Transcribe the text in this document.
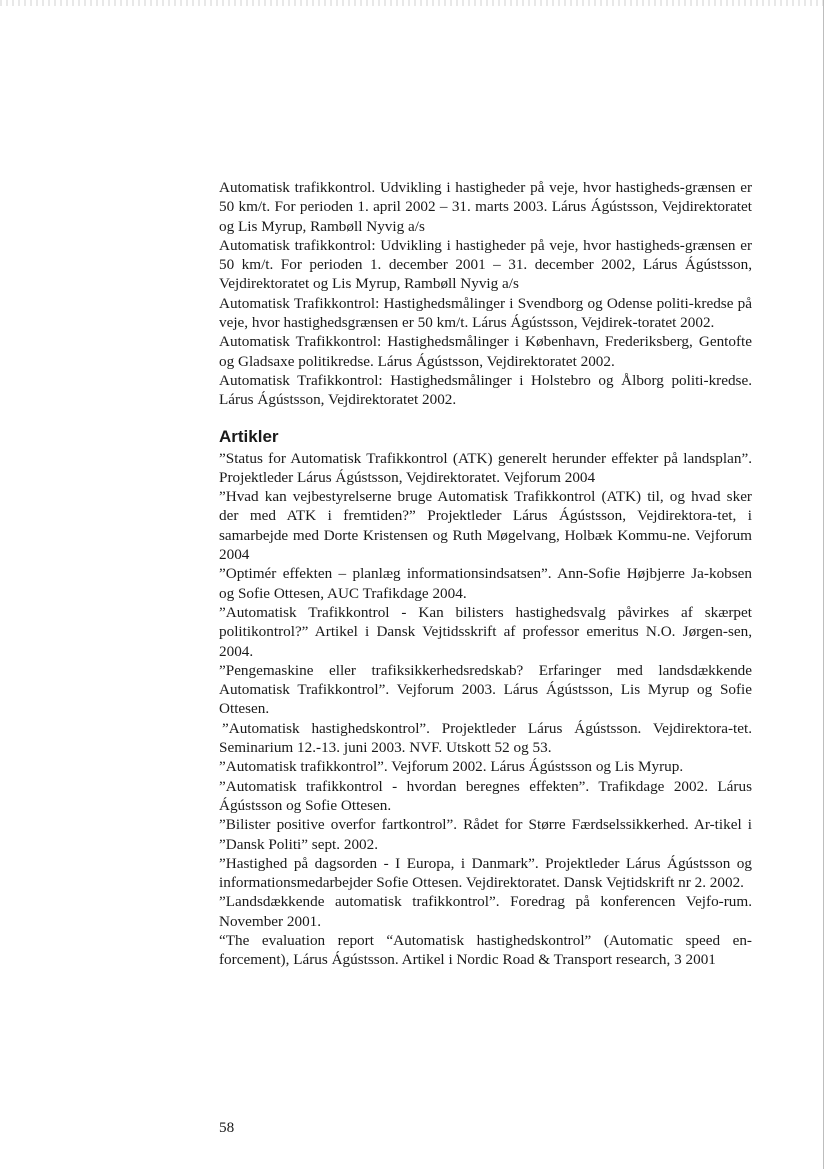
Automatisk trafikkontrol. Udvikling i hastigheder på veje, hvor hastigheds-grænsen er 50 km/t. For perioden 1. april 2002 – 31. marts 2003. Lárus Ágústsson, Vejdirektoratet og Lis Myrup, Rambøll Nyvig a/s

Automatisk trafikkontrol: Udvikling i hastigheder på veje, hvor hastigheds-grænsen er 50 km/t. For perioden 1. december 2001 – 31. december 2002, Lárus Ágústsson, Vejdirektoratet og Lis Myrup, Rambøll Nyvig a/s

Automatisk Trafikkontrol: Hastighedsmålinger i Svendborg og Odense politi-kredse på veje, hvor hastighedsgrænsen er 50 km/t. Lárus Ágústsson, Vejdirek-toratet 2002.

Automatisk Trafikkontrol: Hastighedsmålinger i København, Frederiksberg, Gentofte og Gladsaxe politikredse. Lárus Ágústsson, Vejdirektoratet 2002.

Automatisk Trafikkontrol: Hastighedsmålinger i Holstebro og Ålborg politi-kredse. Lárus Ágústsson, Vejdirektoratet 2002.

Artikler

”Status for Automatisk Trafikkontrol (ATK) generelt herunder effekter på landsplan”. Projektleder Lárus Ágústsson, Vejdirektoratet. Vejforum 2004

”Hvad kan vejbestyrelserne bruge Automatisk Trafikkontrol (ATK) til, og hvad sker der med ATK i fremtiden?” Projektleder Lárus Ágústsson, Vejdirektora-tet, i samarbejde med Dorte Kristensen og Ruth Møgelvang, Holbæk Kommu-ne. Vejforum 2004

”Optimér effekten – planlæg informationsindsatsen”. Ann-Sofie Højbjerre Ja-kobsen og Sofie Ottesen, AUC Trafikdage 2004.

”Automatisk Trafikkontrol - Kan bilisters hastighedsvalg påvirkes af skærpet politikontrol?” Artikel i Dansk Vejtidsskrift af professor emeritus N.O. Jørgen-sen, 2004.

”Pengemaskine eller trafiksikkerhedsredskab? Erfaringer med landsdækkende Automatisk Trafikkontrol”. Vejforum 2003. Lárus Ágústsson, Lis Myrup og Sofie Ottesen.

”Automatisk hastighedskontrol”. Projektleder Lárus Ágústsson. Vejdirektora-tet. Seminarium 12.-13. juni 2003. NVF. Utskott 52 og 53.

”Automatisk trafikkontrol”. Vejforum 2002. Lárus Ágústsson og Lis Myrup.

”Automatisk trafikkontrol - hvordan beregnes effekten”. Trafikdage 2002. Lárus Ágústsson og Sofie Ottesen.

”Bilister positive overfor fartkontrol”. Rådet for Større Færdselssikkerhed. Ar-tikel i ”Dansk Politi” sept. 2002.

”Hastighed på dagsorden - I Europa, i Danmark”. Projektleder Lárus Ágústsson og informationsmedarbejder Sofie Ottesen. Vejdirektoratet. Dansk Vejtidskrift nr 2. 2002.

”Landsdækkende automatisk trafikkontrol”. Foredrag på konferencen Vejfo-rum. November 2001.

“The evaluation report “Automatisk hastighedskontrol” (Automatic speed en-forcement), Lárus Ágústsson. Artikel i Nordic Road & Transport research, 3 2001

58
